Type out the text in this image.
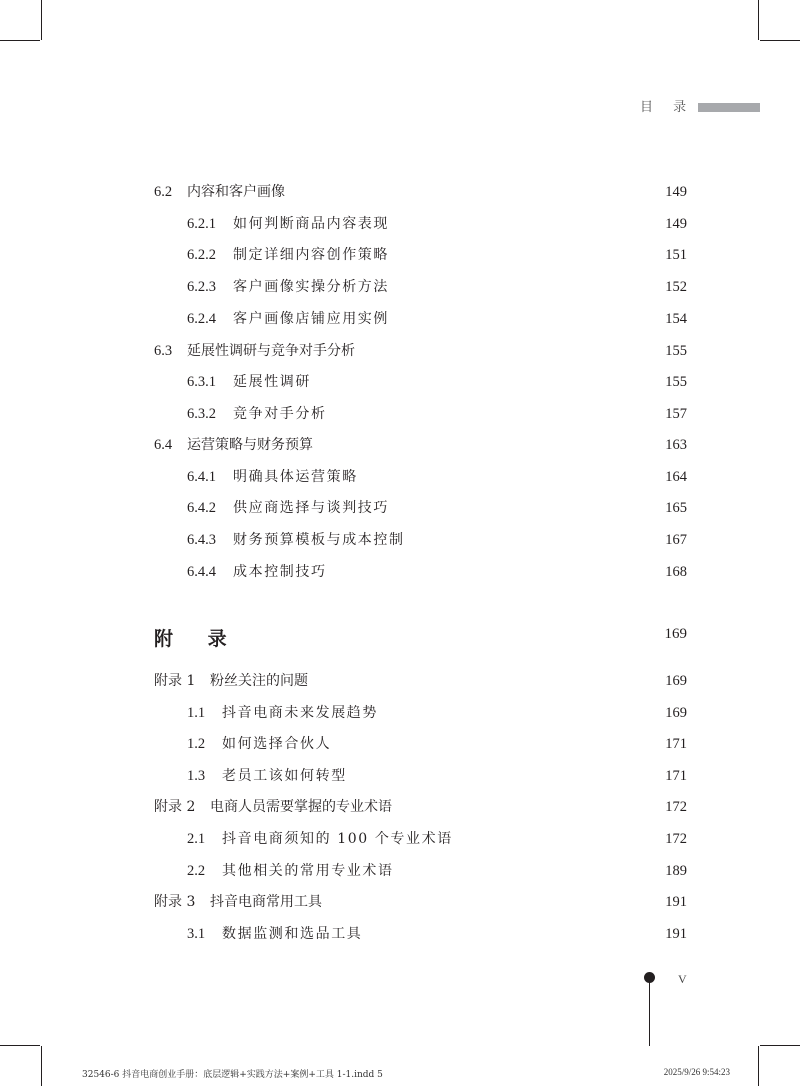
目 录
6.2 内容和客户画像	149
6.2.1 如何判断商品内容表现	149
6.2.2 制定详细内容创作策略	151
6.2.3 客户画像实操分析方法	152
6.2.4 客户画像店铺应用实例	154
6.3 延展性调研与竞争对手分析	155
6.3.1 延展性调研	155
6.3.2 竞争对手分析	157
6.4 运营策略与财务预算	163
6.4.1 明确具体运营策略	164
6.4.2 供应商选择与谈判技巧	165
6.4.3 财务预算模板与成本控制	167
6.4.4 成本控制技巧	168
附 录	169
附录 1 粉丝关注的问题	169
1.1 抖音电商未来发展趋势	169
1.2 如何选择合伙人	171
1.3 老员工该如何转型	171
附录 2 电商人员需要掌握的专业术语	172
2.1 抖音电商须知的 100 个专业术语	172
2.2 其他相关的常用专业术语	189
附录 3 抖音电商常用工具	191
3.1 数据监测和选品工具	191
V
32546-6 抖音电商创业手册：底层逻辑+实践方法+案例+工具 1-1.indd 5	2025/9/26 9:54:23
